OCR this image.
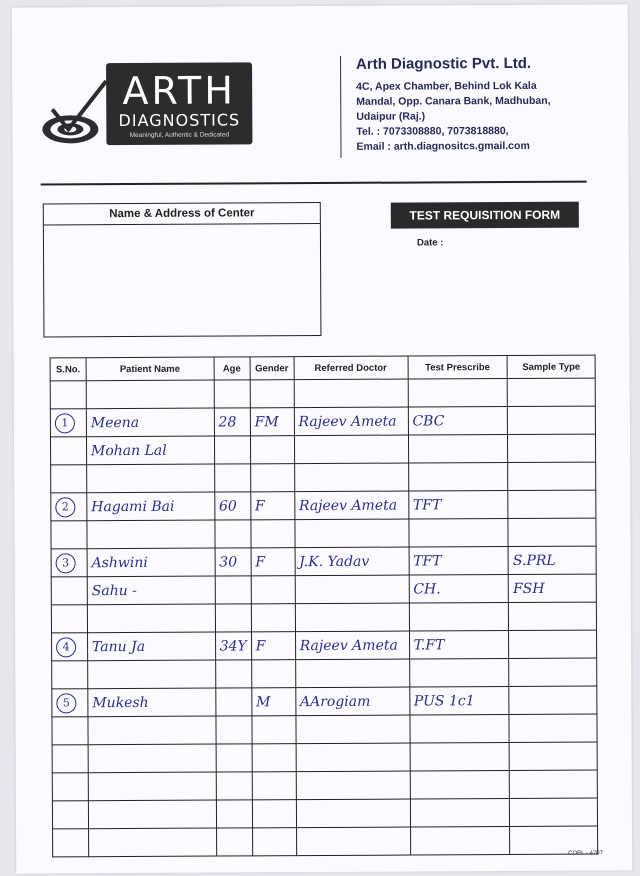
ARTH
DIAGNOSTICS
Meaningful, Authentic & Dedicated
Arth Diagnostic Pvt. Ltd.
4C, Apex Chamber, Behind Lok Kala
Mandal, Opp. Canara Bank, Madhuban,
Udaipur (Raj.)
Tel. : 7073308880, 7073818880,
Email : arth.diagnositcs.gmail.com
Name & Address of Center	TEST REQUISITION FORM
Date :
S.No.	Patient Name	Age	Gender	Referred Doctor	Test Prescribe	Sample Type

1	Meena	28	FM	Rajeev Ameta	CBC	
	Mohan Lal					

2	Hagami Bai	60	F	Rajeev Ameta	TFT	

3	Ashwini	30	F	J.K. Yadav	TFT	S.PRL
	Sahu -				CH.	FSH

4	Tanu Ja	34Y	F	Rajeev Ameta	T.FT	

5	Mukesh		M	AArogiam	PUS 1c1	

COPL - 4707
